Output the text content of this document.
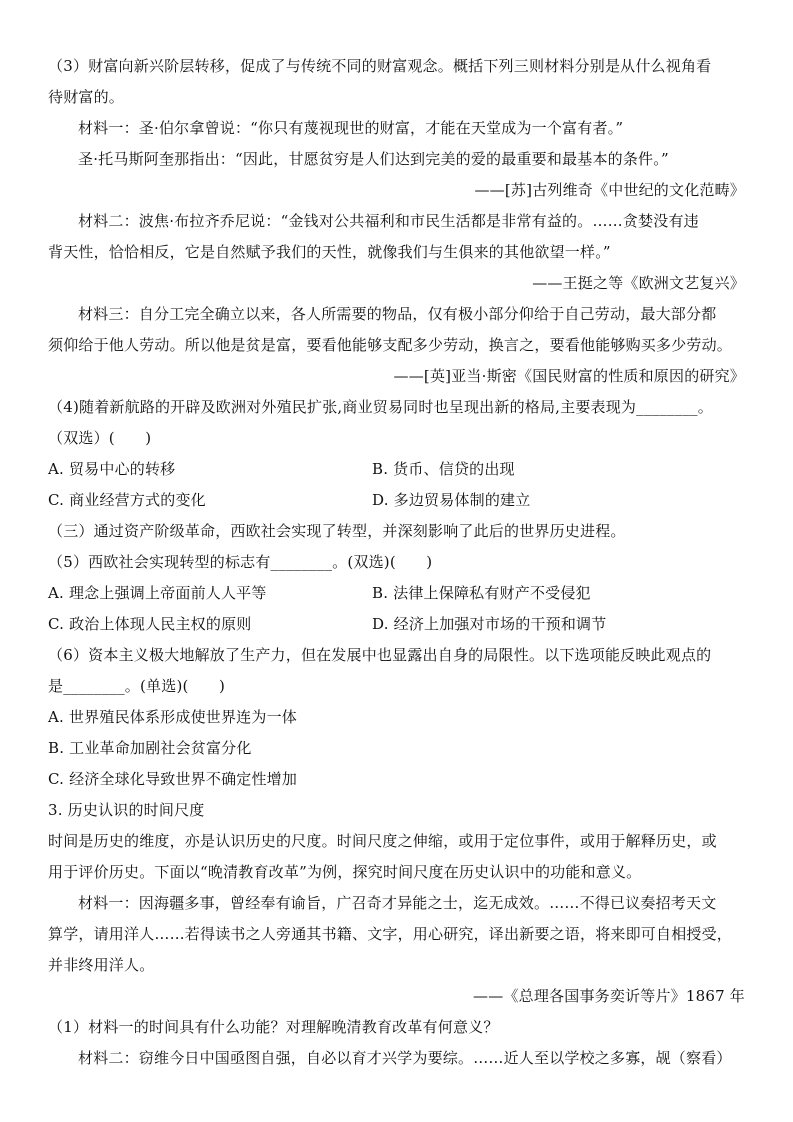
（3）财富向新兴阶层转移，促成了与传统不同的财富观念。概括下列三则材料分别是从什么视角看
待财富的。
材料一：圣·伯尔拿曾说：“你只有蔑视现世的财富，才能在天堂成为一个富有者。”
圣·托马斯阿奎那指出：“因此，甘愿贫穷是人们达到完美的爱的最重要和最基本的条件。”
——[苏]古列维奇《中世纪的文化范畴》
材料二：波焦·布拉齐乔尼说：“金钱对公共福利和市民生活都是非常有益的。……贪婪没有违
背天性，恰恰相反，它是自然赋予我们的天性，就像我们与生俱来的其他欲望一样。”
——王挺之等《欧洲文艺复兴》
材料三：自分工完全确立以来，各人所需要的物品，仅有极小部分仰给于自己劳动，最大部分都
须仰给于他人劳动。所以他是贫是富，要看他能够支配多少劳动，换言之，要看他能够购买多少劳动。
——[英]亚当·斯密《国民财富的性质和原因的研究》
（4)随着新航路的开辟及欧洲对外殖民扩张,商业贸易同时也呈现出新的格局,主要表现为________。
（双选）(　　)
A. 贸易中心的转移	B. 货币、信贷的出现
C. 商业经营方式的变化	D. 多边贸易体制的建立
（三）通过资产阶级革命，西欧社会实现了转型，并深刻影响了此后的世界历史进程。
（5）西欧社会实现转型的标志有________。(双选)(　　)
A. 理念上强调上帝面前人人平等	B. 法律上保障私有财产不受侵犯
C. 政治上体现人民主权的原则	D. 经济上加强对市场的干预和调节
（6）资本主义极大地解放了生产力，但在发展中也显露出自身的局限性。以下选项能反映此观点的
是________。(单选)(　　)
A. 世界殖民体系形成使世界连为一体
B. 工业革命加剧社会贫富分化
C. 经济全球化导致世界不确定性增加
3. 历史认识的时间尺度
时间是历史的维度，亦是认识历史的尺度。时间尺度之伸缩，或用于定位事件，或用于解释历史，或
用于评价历史。下面以“晚清教育改革”为例，探究时间尺度在历史认识中的功能和意义。
材料一：因海疆多事，曾经奉有谕旨，广召奇才异能之士，迄无成效。……不得已议奏招考天文
算学，请用洋人……若得读书之人旁通其书籍、文字，用心研究，译出新要之语，将来即可自相授受，
并非终用洋人。
——《总理各国事务奕䜣等片》1867 年
（1）材料一的时间具有什么功能？对理解晚清教育改革有何意义？
材料二：窃维今日中国亟图自强，自必以育才兴学为要综。……近人至以学校之多寡，觇（察看）
